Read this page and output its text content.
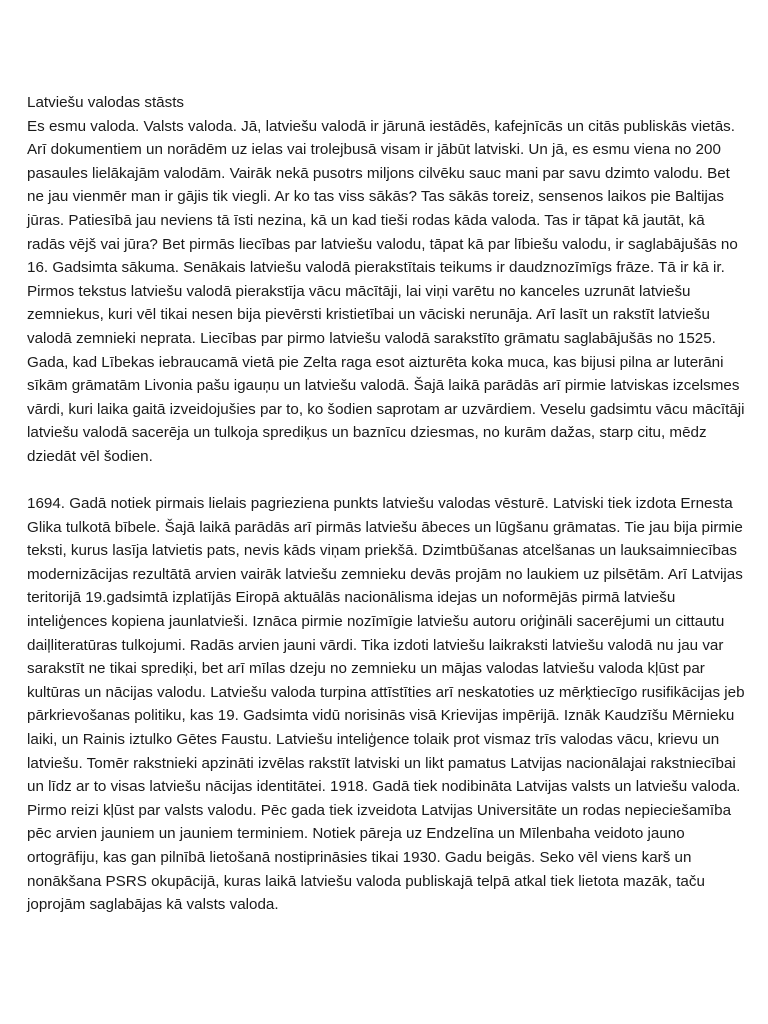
Latviešu valodas stāsts

Es esmu valoda. Valsts valoda. Jā, latviešu valodā ir jārunā iestādēs, kafejnīcās un citās publiskās vietās. Arī dokumentiem un norādēm uz ielas vai trolejbusā visam ir jābūt latviski. Un jā, es esmu viena no 200 pasaules lielākajām valodām. Vairāk nekā pusotrs miljons cilvēku sauc mani par savu dzimto valodu. Bet ne jau vienmēr man ir gājis tik viegli. Ar ko tas viss sākās? Tas sākās toreiz, sensenos laikos pie Baltijas jūras. Patiesībā jau neviens tā īsti nezina, kā un kad tieši rodas kāda valoda. Tas ir tāpat kā jautāt, kā radās vējš vai jūra? Bet pirmās liecības par latviešu valodu, tāpat kā par lībiešu valodu, ir saglabājušās no 16. Gadsimta sākuma. Senākais latviešu valodā pierakstītais teikums ir daudznozīmīgs frāze. Tā ir kā ir. Pirmos tekstus latviešu valodā pierakstīja vācu mācītāji, lai viņi varētu no kanceles uzrunāt latviešu zemniekus, kuri vēl tikai nesen bija pievērsti kristietībai un vāciski nerunāja. Arī lasīt un rakstīt latviešu valodā zemnieki neprata. Liecības par pirmo latviešu valodā sarakstīto grāmatu saglabājušās no 1525. Gada, kad Lībekas iebraucamā vietā pie Zelta raga esot aizturēta koka muca, kas bijusi pilna ar luterāni sīkām grāmatām Livonia pašu igauņu un latviešu valodā. Šajā laikā parādās arī pirmie latviskas izcelsmes vārdi, kuri laika gaitā izveidojušies par to, ko šodien saprotam ar uzvārdiem. Veselu gadsimtu vācu mācītāji latviešu valodā sacerēja un tulkoja sprediķus un baznīcu dziesmas, no kurām dažas, starp citu, mēdz dziedāt vēl šodien.

1694. Gadā notiek pirmais lielais pagrieziena punkts latviešu valodas vēsturē. Latviski tiek izdota Ernesta Glika tulkotā bībele. Šajā laikā parādās arī pirmās latviešu ābeces un lūgšanu grāmatas. Tie jau bija pirmie teksti, kurus lasīja latvietis pats, nevis kāds viņam priekšā. Dzimtbūšanas atcelšanas un lauksaimniecības modernizācijas rezultātā arvien vairāk latviešu zemnieku devās projām no laukiem uz pilsētām. Arī Latvijas teritorijā 19.gadsimtā izplatījās Eiropā aktuālās nacionālisma idejas un noformējās pirmā latviešu inteliģences kopiena jaunlatvieši. Iznāca pirmie nozīmīgie latviešu autoru oriģināli sacerējumi un cittautu daiļliteratūras tulkojumi. Radās arvien jauni vārdi. Tika izdoti latviešu laikraksti latviešu valodā nu jau var sarakstīt ne tikai sprediķi, bet arī mīlas dzeju no zemnieku un mājas valodas latviešu valoda kļūst par kultūras un nācijas valodu. Latviešu valoda turpina attīstīties arī neskatoties uz mērķtiecīgo rusifikācijas jeb pārkrievošanas politiku, kas 19. Gadsimta vidū norisinās visā Krievijas impērijā. Iznāk Kaudzīšu Mērnieku laiki, un Rainis iztulko Gētes Faustu. Latviešu inteliģence tolaik prot vismaz trīs valodas vācu, krievu un latviešu. Tomēr rakstnieki apzināti izvēlas rakstīt latviski un likt pamatus Latvijas nacionālajai rakstniecībai un līdz ar to visas latviešu nācijas identitātei. 1918. Gadā tiek nodibināta Latvijas valsts un latviešu valoda. Pirmo reizi kļūst par valsts valodu. Pēc gada tiek izveidota Latvijas Universitāte un rodas nepieciešamība pēc arvien jauniem un jauniem terminiem. Notiek pāreja uz Endzelīna un Mīlenbaha veidoto jauno ortogrāfiju, kas gan pilnībā lietošanā nostiprināsies tikai 1930. Gadu beigās. Seko vēl viens karš un nonākšana PSRS okupācijā, kuras laikā latviešu valoda publiskajā telpā atkal tiek lietota mazāk, taču joprojām saglabājas kā valsts valoda.
